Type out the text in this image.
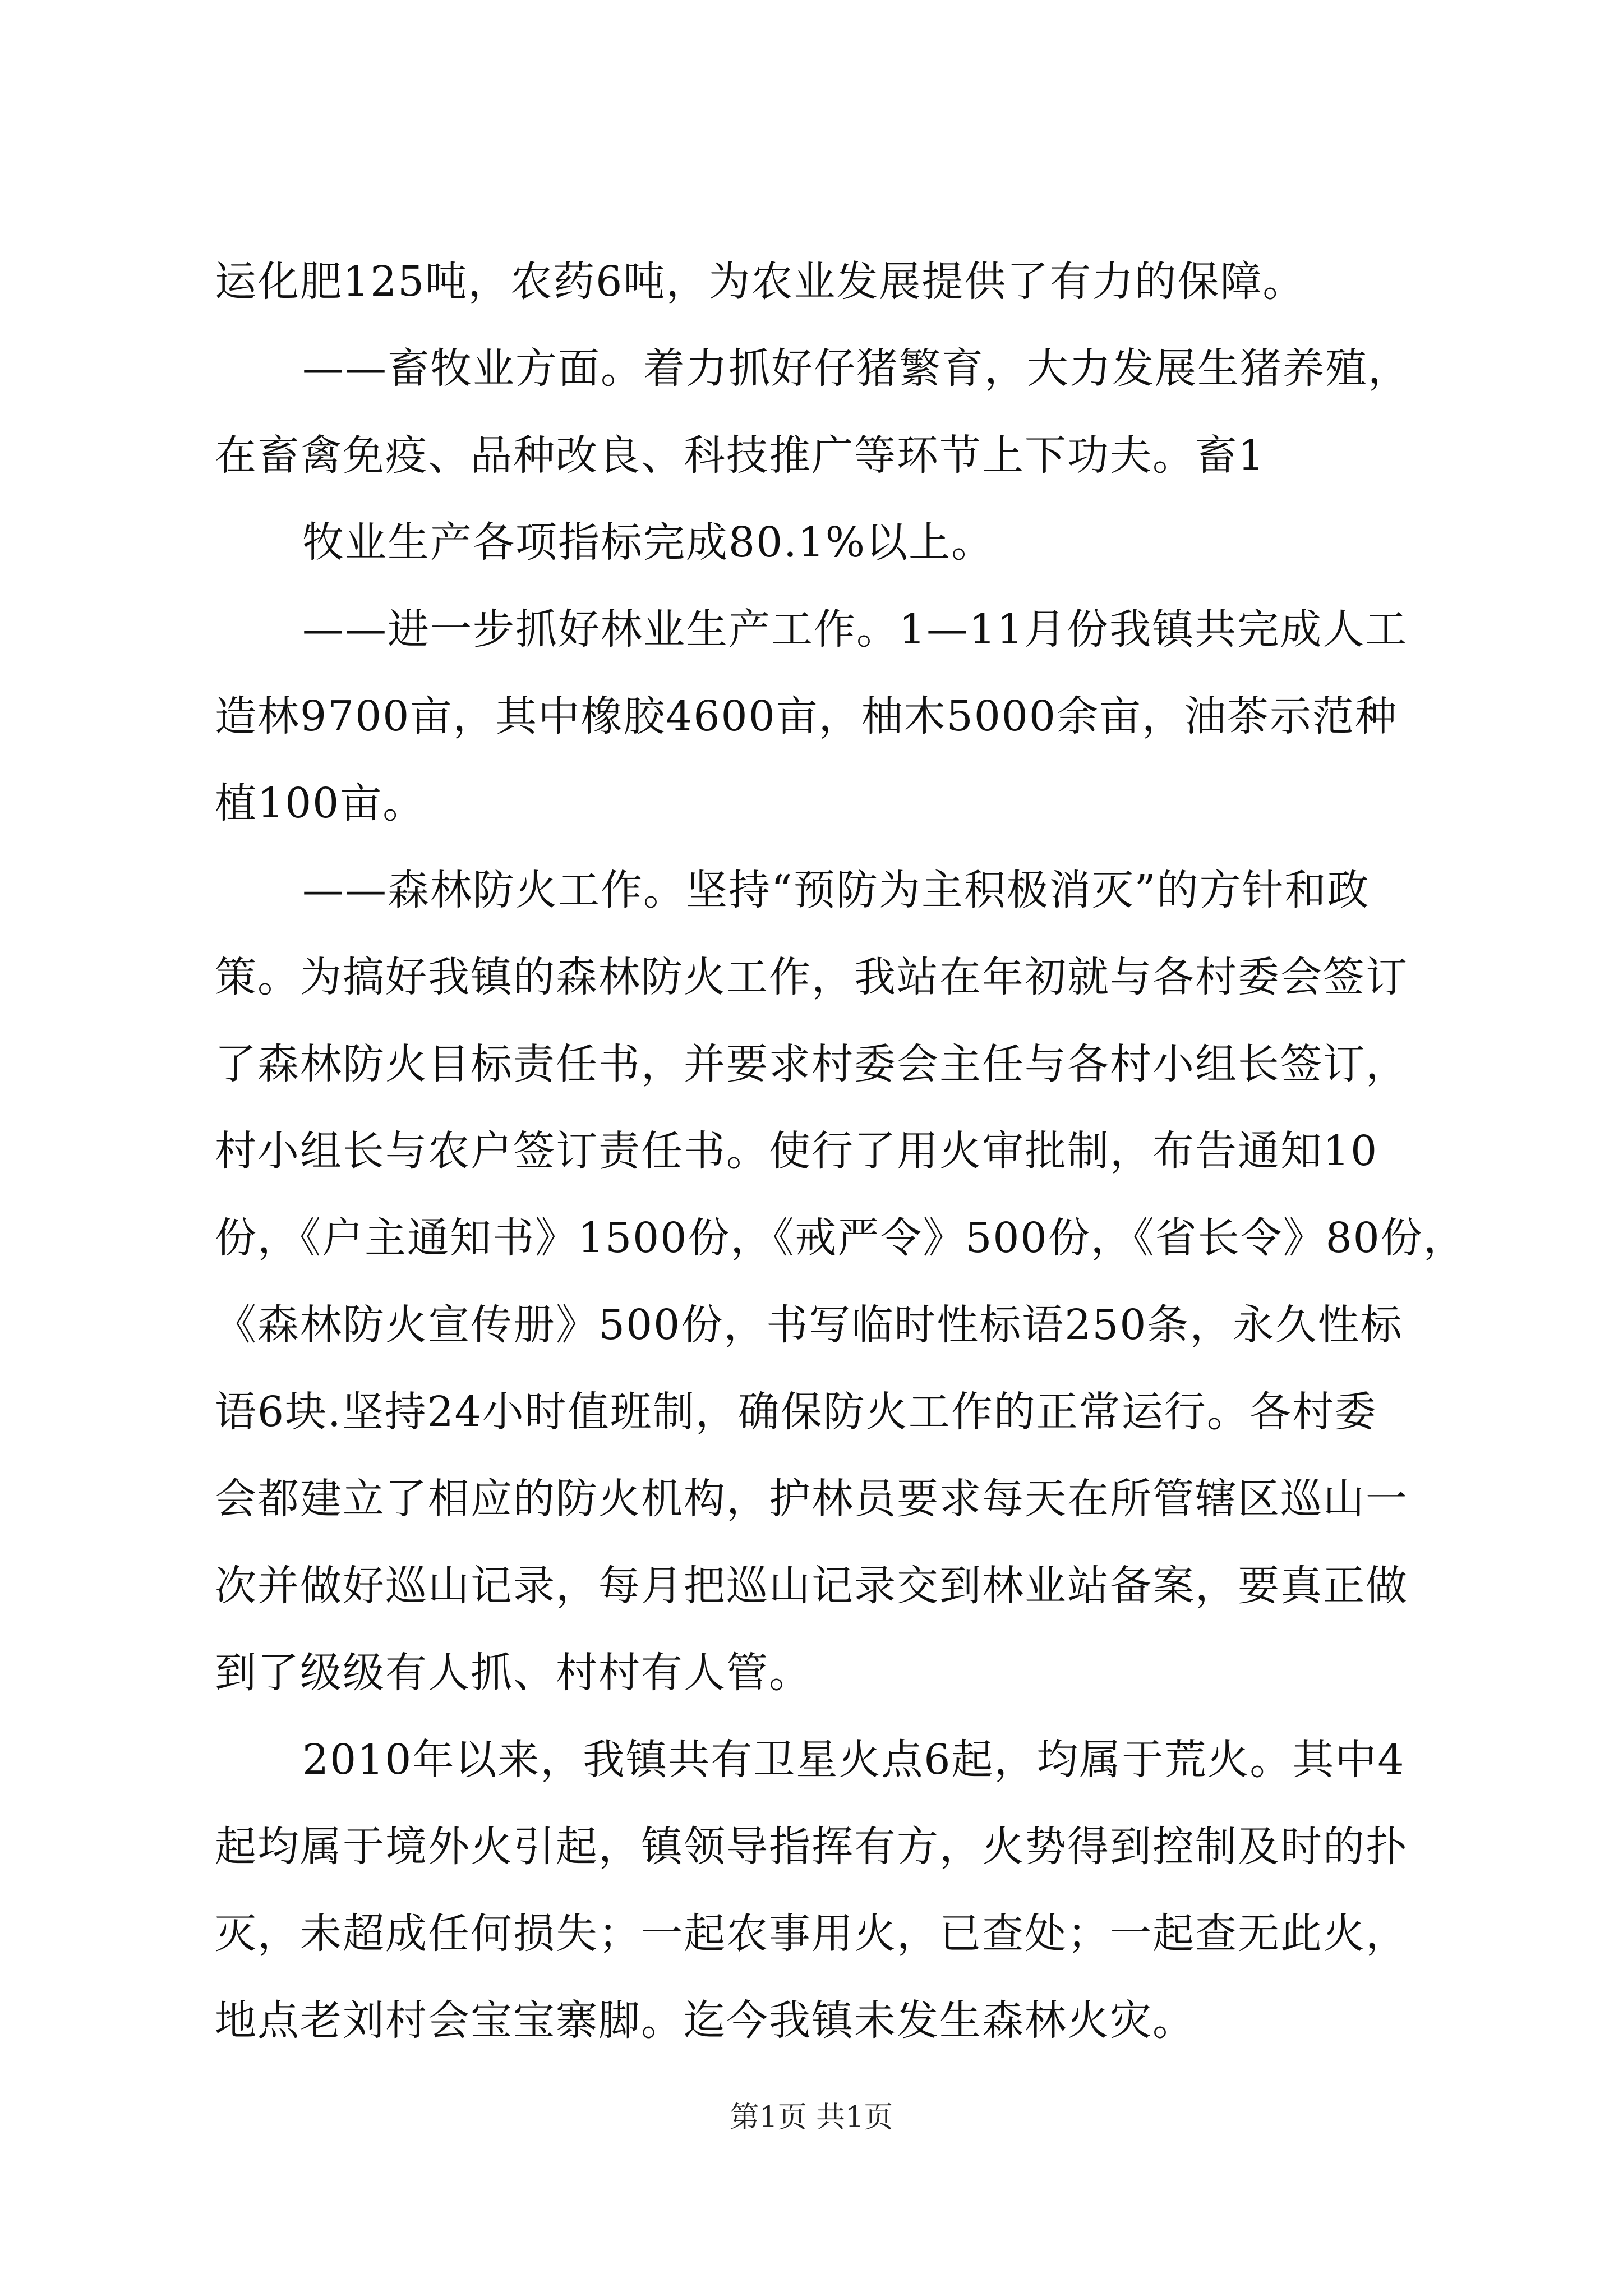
运化肥125吨，农药6吨，为农业发展提供了有力的保障。
——畜牧业方面。着力抓好仔猪繁育，大力发展生猪养殖，
在畜禽免疫、品种改良、科技推广等环节上下功夫。畜1
牧业生产各项指标完成80.1%以上。
——进一步抓好林业生产工作。1—11月份我镇共完成人工
造林9700亩，其中橡胶4600亩，柚木5000余亩，油茶示范种
植100亩。
——森林防火工作。坚持“预防为主积极消灭”的方针和政
策。为搞好我镇的森林防火工作，我站在年初就与各村委会签订
了森林防火目标责任书，并要求村委会主任与各村小组长签订，
村小组长与农户签订责任书。使行了用火审批制，布告通知10
份，《户主通知书》1500份，《戒严令》500份，《省长令》80份，
《森林防火宣传册》500份，书写临时性标语250条，永久性标
语6块.坚持24小时值班制，确保防火工作的正常运行。各村委
会都建立了相应的防火机构，护林员要求每天在所管辖区巡山一
次并做好巡山记录，每月把巡山记录交到林业站备案，要真正做
到了级级有人抓、村村有人管。
2010年以来，我镇共有卫星火点6起，均属于荒火。其中4
起均属于境外火引起，镇领导指挥有方，火势得到控制及时的扑
灭，未超成任何损失；一起农事用火，已查处；一起查无此火，
地点老刘村会宝宝寨脚。迄今我镇未发生森林火灾。
第1页 共1页
